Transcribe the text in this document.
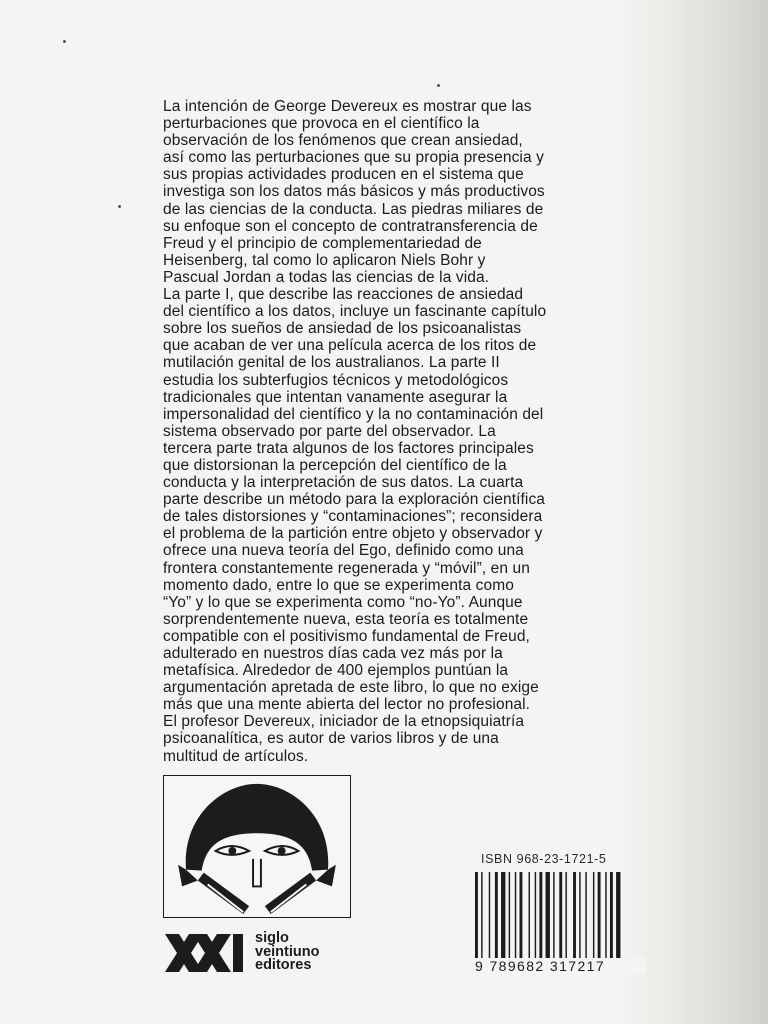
La intención de George Devereux es mostrar que las
perturbaciones que provoca en el científico la
observación de los fenómenos que crean ansiedad,
así como las perturbaciones que su propia presencia y
sus propias actividades producen en el sistema que
investiga son los datos más básicos y más productivos
de las ciencias de la conducta. Las piedras miliares de
su enfoque son el concepto de contratransferencia de
Freud y el principio de complementariedad de
Heisenberg, tal como lo aplicaron Niels Bohr y
Pascual Jordan a todas las ciencias de la vida.

La parte I, que describe las reacciones de ansiedad
del científico a los datos, incluye un fascinante capítulo
sobre los sueños de ansiedad de los psicoanalistas
que acaban de ver una película acerca de los ritos de
mutilación genital de los australianos. La parte II
estudia los subterfugios técnicos y metodológicos
tradicionales que intentan vanamente asegurar la
impersonalidad del científico y la no contaminación del
sistema observado por parte del observador. La
tercera parte trata algunos de los factores principales
que distorsionan la percepción del científico de la
conducta y la interpretación de sus datos. La cuarta
parte describe un método para la exploración científica
de tales distorsiones y “contaminaciones”; reconsidera
el problema de la partición entre objeto y observador y
ofrece una nueva teoría del Ego, definido como una
frontera constantemente regenerada y “móvil”, en un
momento dado, entre lo que se experimenta como
“Yo” y lo que se experimenta como “no-Yo”. Aunque
sorprendentemente nueva, esta teoría es totalmente
compatible con el positivismo fundamental de Freud,
adulterado en nuestros días cada vez más por la
metafísica. Alrededor de 400 ejemplos puntúan la
argumentación apretada de este libro, lo que no exige
más que una mente abierta del lector no profesional.

El profesor Devereux, iniciador de la etnopsiquiatría
psicoanalítica, es autor de varios libros y de una
multitud de artículos.

ISBN 968-23-1721-5
9 789682 317217
siglo
veintiuno
editores
